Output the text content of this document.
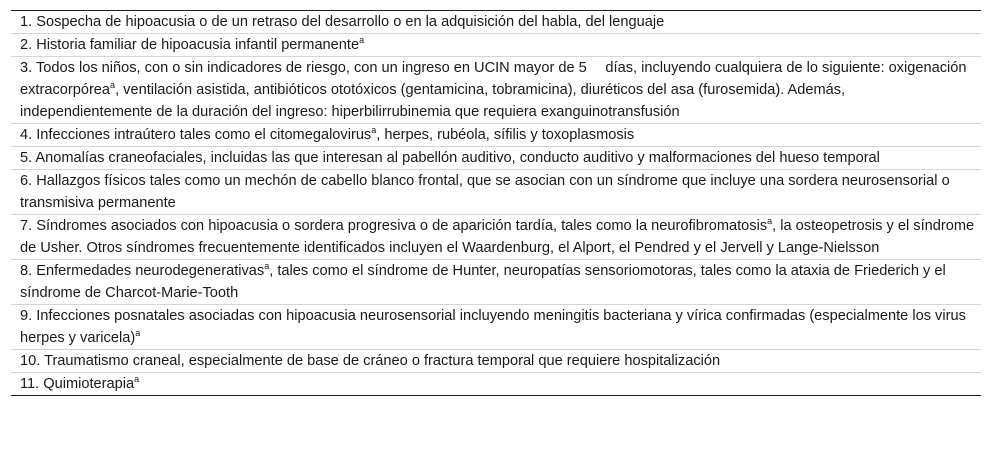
1. Sospecha de hipoacusia o de un retraso del desarrollo o en la adquisición del habla, del lenguaje
2. Historia familiar de hipoacusia infantil permanente$^a$
3. Todos los niños, con o sin indicadores de riesgo, con un ingreso en UCIN mayor de 5   días, incluyendo cualquiera de lo siguiente: oxigenación extracorpórea$^a$, ventilación asistida, antibióticos ototóxicos (gentamicina, tobramicina), diuréticos del asa (furosemida). Además, independientemente de la duración del ingreso: hiperbilirrubinemia que requiera exanguinotransfusión
4. Infecciones intraútero tales como el citomegalovirus$^a$, herpes, rubéola, sífilis y toxoplasmosis
5. Anomalías craneofaciales, incluidas las que interesan al pabellón auditivo, conducto auditivo y malformaciones del hueso temporal
6. Hallazgos físicos tales como un mechón de cabello blanco frontal, que se asocian con un síndrome que incluye una sordera neurosensorial o transmisiva permanente
7. Síndromes asociados con hipoacusia o sordera progresiva o de aparición tardía, tales como la neurofibromatosis$^a$, la osteopetrosis y el síndrome de Usher. Otros síndromes frecuentemente identificados incluyen el Waardenburg, el Alport, el Pendred y el Jervell y Lange-Nielsson
8. Enfermedades neurodegenerativas$^a$, tales como el síndrome de Hunter, neuropatías sensoriomotoras, tales como la ataxia de Friederich y el síndrome de Charcot-Marie-Tooth
9. Infecciones posnatales asociadas con hipoacusia neurosensorial incluyendo meningitis bacteriana y vírica confirmadas (especialmente los virus herpes y varicela)$^a$
10. Traumatismo craneal, especialmente de base de cráneo o fractura temporal que requiere hospitalización
11. Quimioterapia$^a$
